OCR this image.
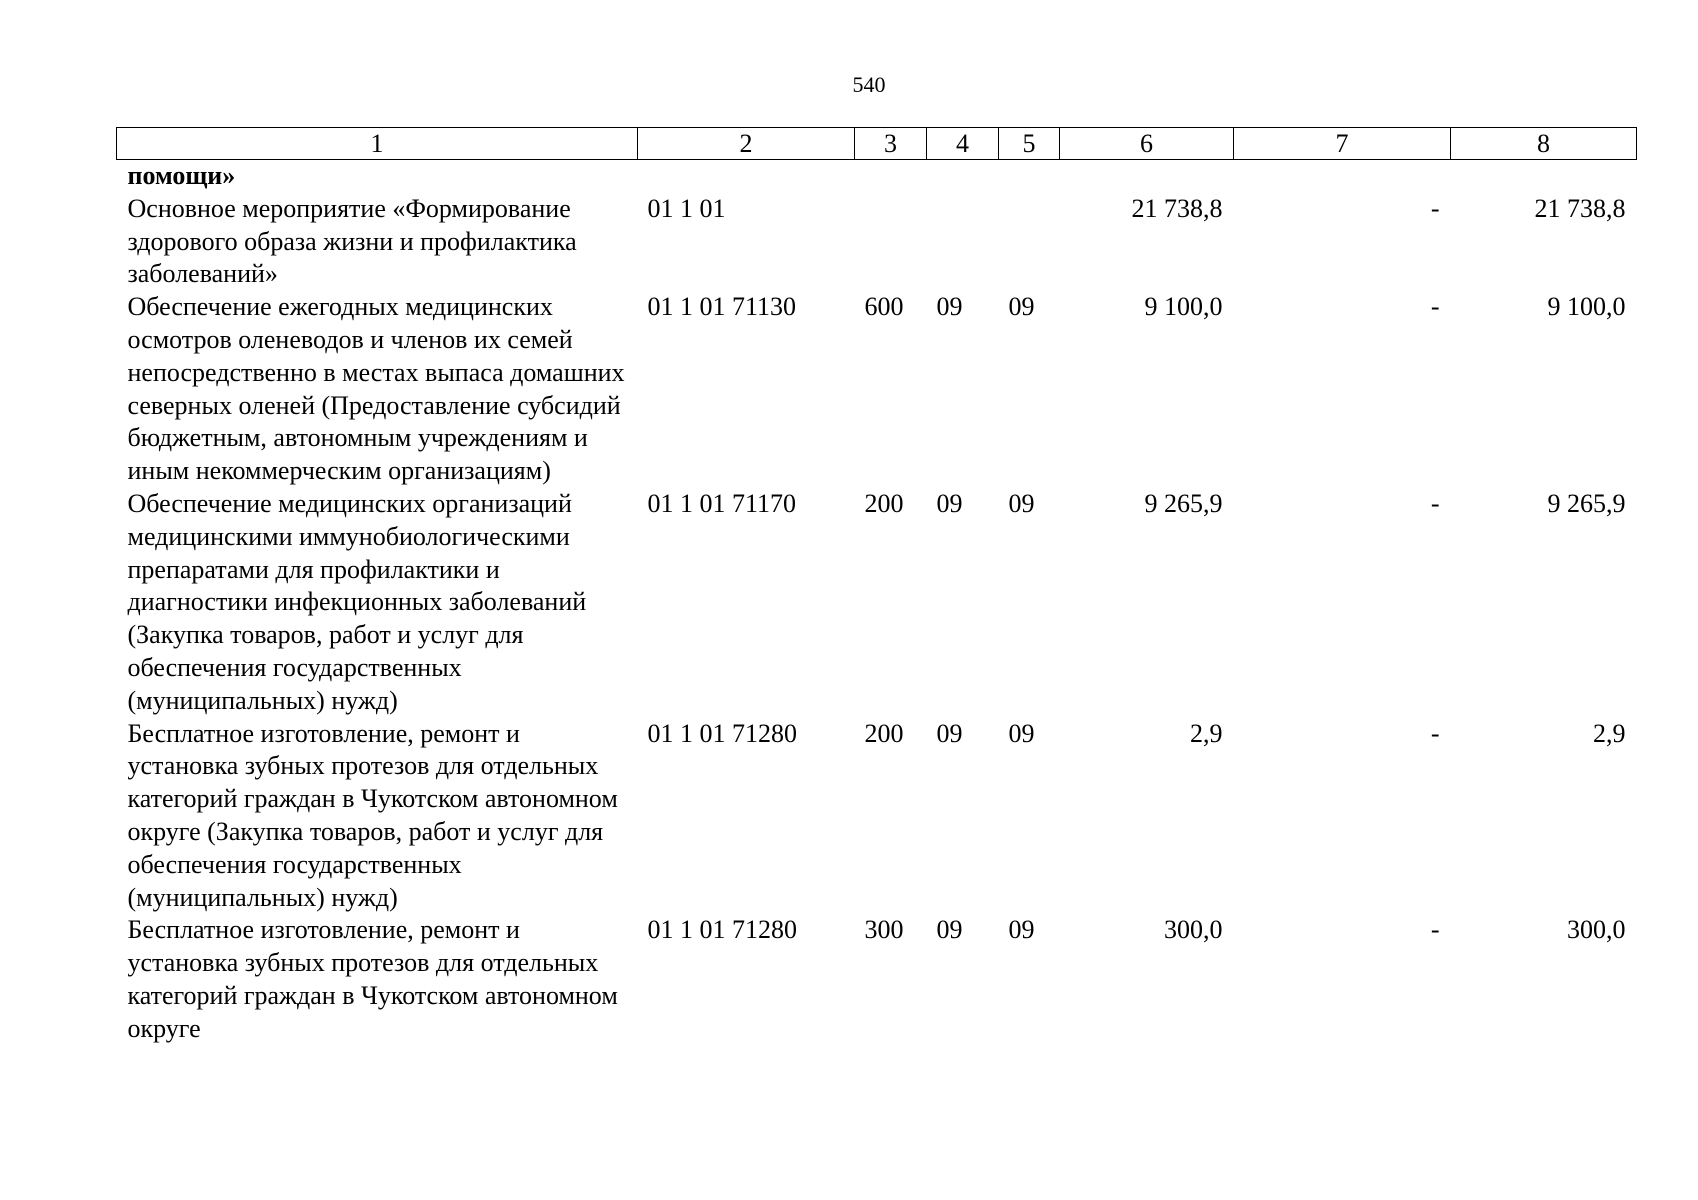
540
1	2	3	4	5	6	7	8
помощи»							
Основное мероприятие «Формирование здорового образа жизни и профилактика заболеваний»	01 1 01				21 738,8	-	21 738,8
Обеспечение ежегодных медицинских осмотров оленеводов и членов их семей непосредственно в местах выпаса домашних северных оленей (Предоставление субсидий бюджетным, автономным учреждениям и иным некоммерческим организациям)	01 1 01 71130	600	09	09	9 100,0	-	9 100,0
Обеспечение медицинских организаций медицинскими иммунобиологическими препаратами для профилактики и диагностики инфекционных заболеваний (Закупка товаров, работ и услуг для обеспечения государственных (муниципальных) нужд)	01 1 01 71170	200	09	09	9 265,9	-	9 265,9
Бесплатное изготовление, ремонт и установка зубных протезов для отдельных категорий граждан в Чукотском автономном округе (Закупка товаров, работ и услуг для обеспечения государственных (муниципальных) нужд)	01 1 01 71280	200	09	09	2,9	-	2,9
Бесплатное изготовление, ремонт и установка зубных протезов для отдельных категорий граждан в Чукотском автономном округе	01 1 01 71280	300	09	09	300,0	-	300,0
